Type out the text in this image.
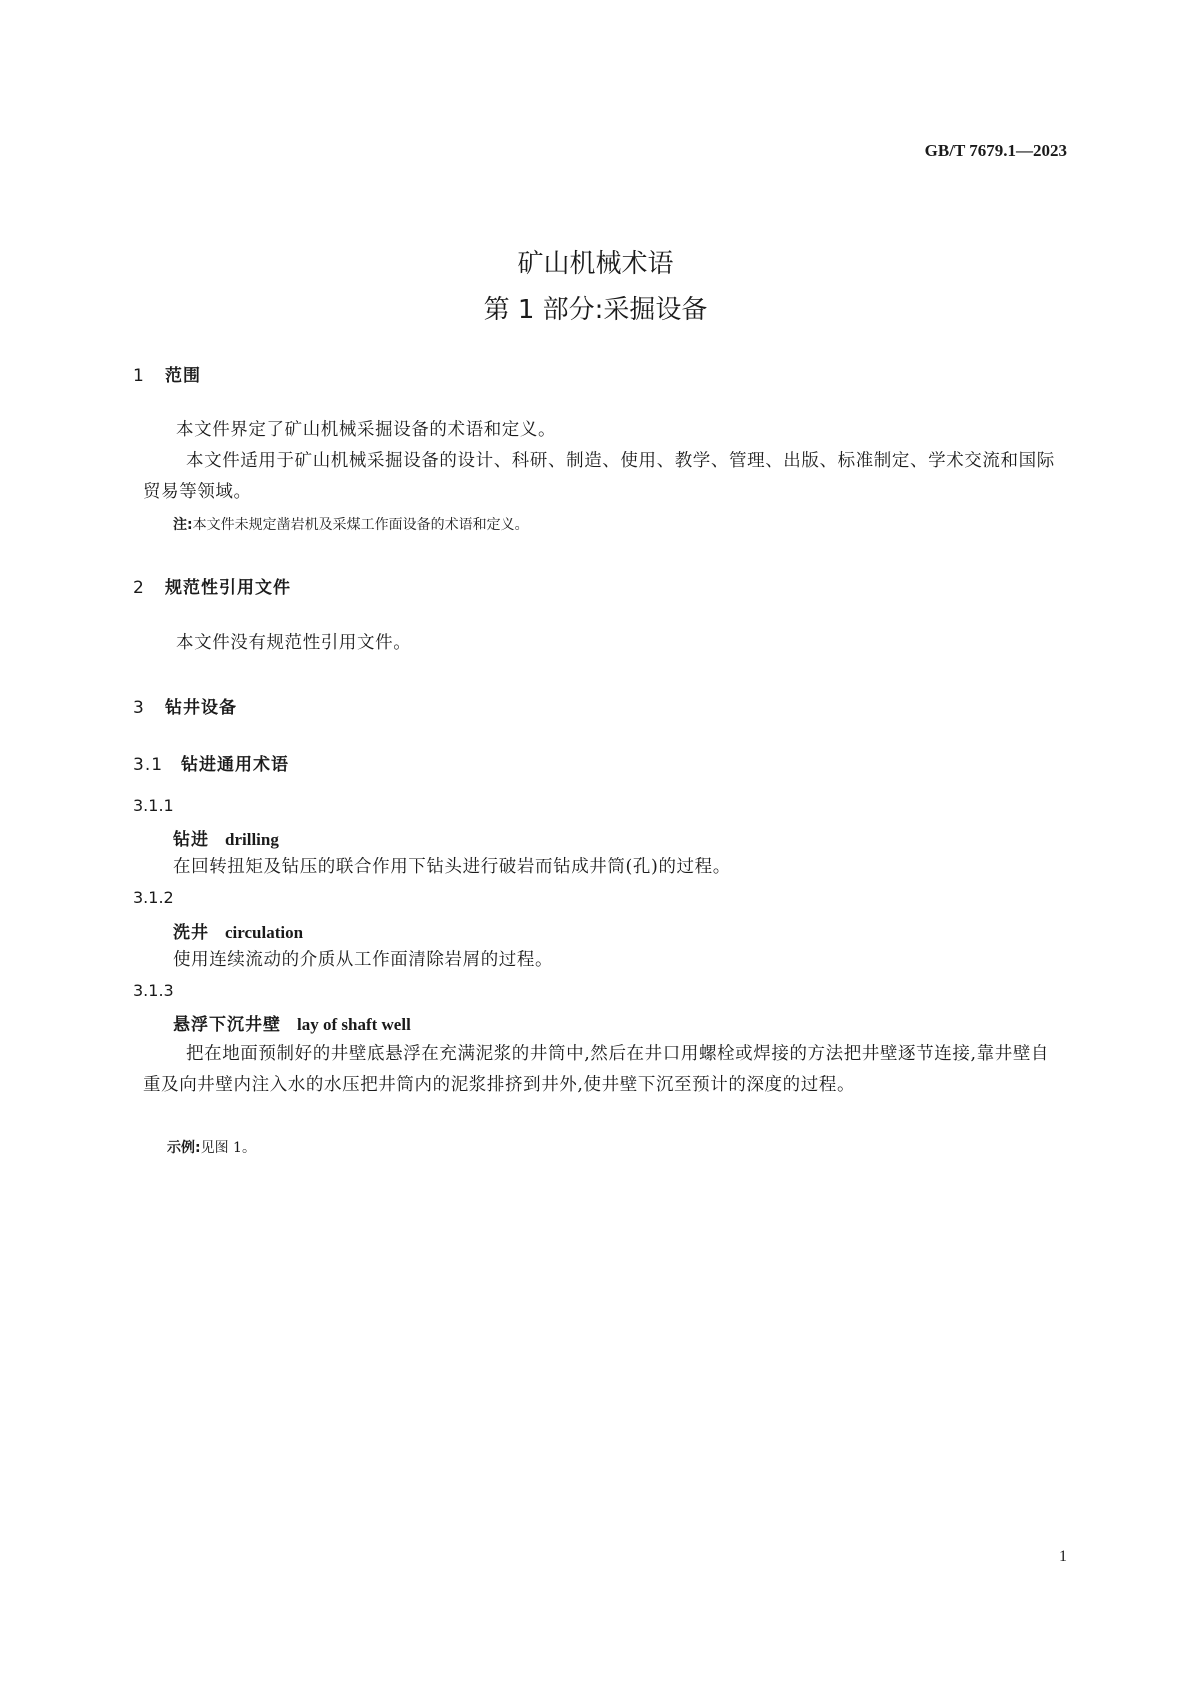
GB/T 7679.1—2023
矿山机械术语
第 1 部分:采掘设备
1 范围
本文件界定了矿山机械采掘设备的术语和定义。
本文件适用于矿山机械采掘设备的设计、科研、制造、使用、教学、管理、出版、标准制定、学术交流和国际贸易等领域。
注:本文件未规定凿岩机及采煤工作面设备的术语和定义。
2 规范性引用文件
本文件没有规范性引用文件。
3 钻井设备
3.1 钻进通用术语
3.1.1
钻进 drilling
在回转扭矩及钻压的联合作用下钻头进行破岩而钻成井筒(孔)的过程。
3.1.2
洗井 circulation
使用连续流动的介质从工作面清除岩屑的过程。
3.1.3
悬浮下沉井壁 lay of shaft well
把在地面预制好的井壁底悬浮在充满泥浆的井筒中,然后在井口用螺栓或焊接的方法把井壁逐节连接,靠井壁自重及向井壁内注入水的水压把井筒内的泥浆排挤到井外,使井壁下沉至预计的深度的过程。
示例:见图 1。
1
